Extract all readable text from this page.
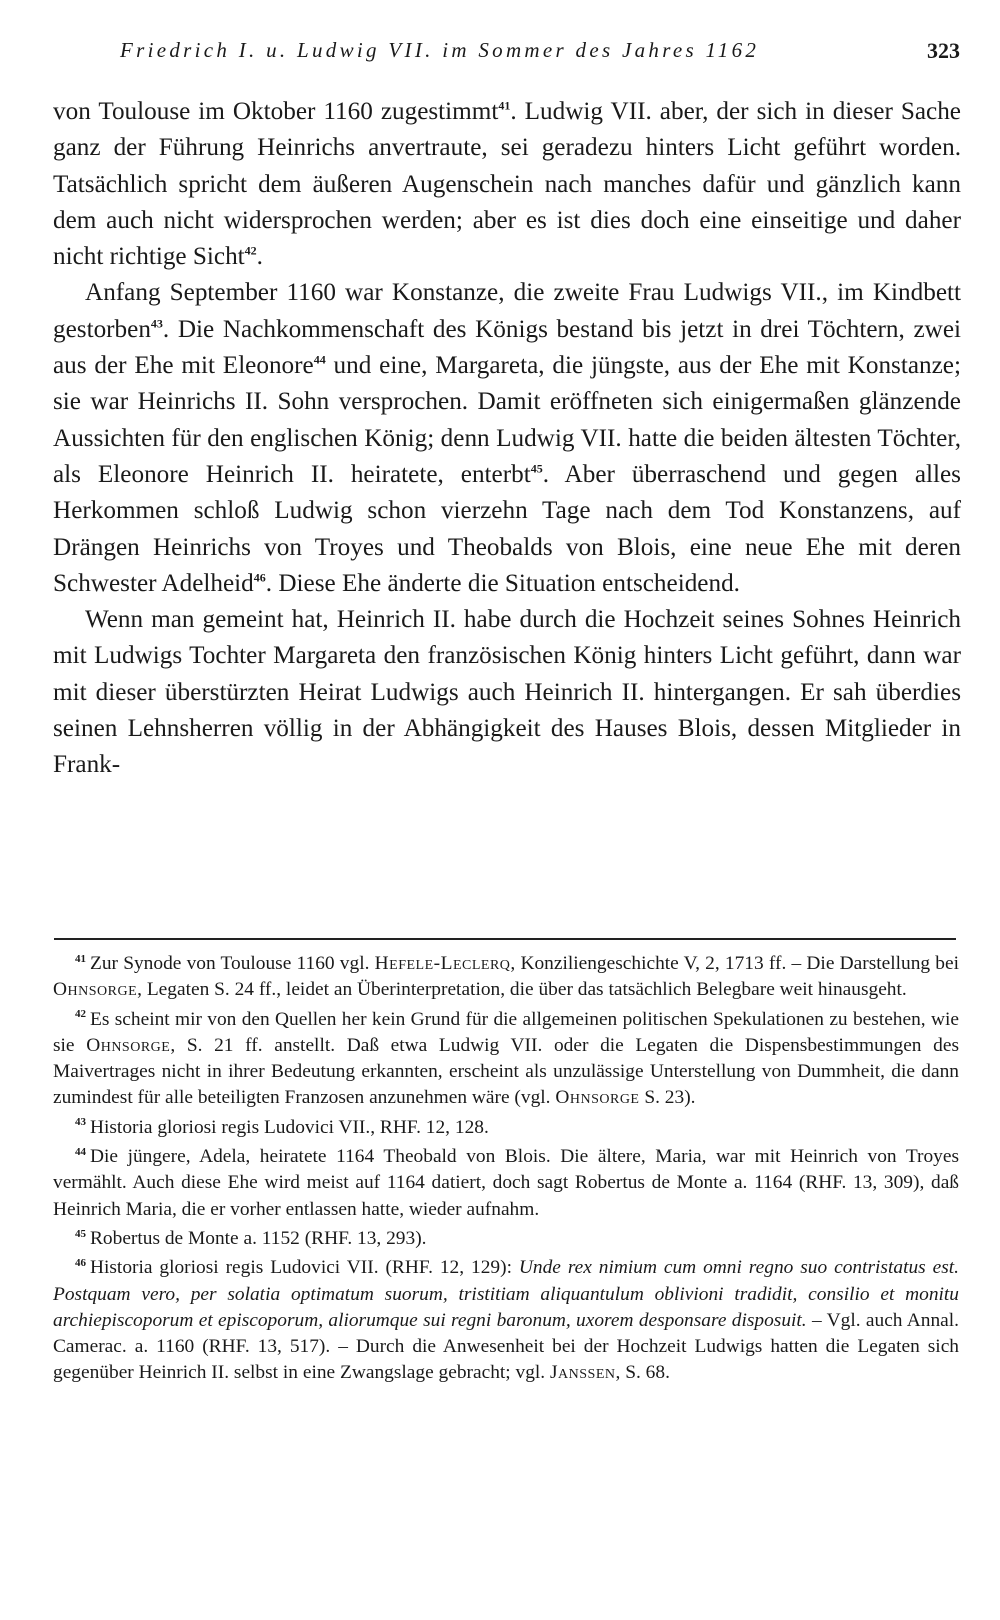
Friedrich I. u. Ludwig VII. im Sommer des Jahres 1162	323

von Toulouse im Oktober 1160 zugestimmt$^{41}$. Ludwig VII. aber, der sich in dieser Sache ganz der Führung Heinrichs anvertraute, sei geradezu hinters Licht geführt worden. Tatsächlich spricht dem äußeren Augenschein nach manches dafür und gänzlich kann dem auch nicht widersprochen werden; aber es ist dies doch eine einseitige und daher nicht richtige Sicht$^{42}$.

Anfang September 1160 war Konstanze, die zweite Frau Ludwigs VII., im Kindbett gestorben$^{43}$. Die Nachkommenschaft des Königs bestand bis jetzt in drei Töchtern, zwei aus der Ehe mit Eleonore$^{44}$ und eine, Margareta, die jüngste, aus der Ehe mit Konstanze; sie war Heinrichs II. Sohn versprochen. Damit eröffneten sich einigermaßen glänzende Aussichten für den englischen König; denn Ludwig VII. hatte die beiden ältesten Töchter, als Eleonore Heinrich II. heiratete, enterbt$^{45}$. Aber überraschend und gegen alles Herkommen schloß Ludwig schon vierzehn Tage nach dem Tod Konstanzens, auf Drängen Heinrichs von Troyes und Theobalds von Blois, eine neue Ehe mit deren Schwester Adelheid$^{46}$. Diese Ehe änderte die Situation entscheidend.

Wenn man gemeint hat, Heinrich II. habe durch die Hochzeit seines Sohnes Heinrich mit Ludwigs Tochter Margareta den französischen König hinters Licht geführt, dann war mit dieser überstürzten Heirat Ludwigs auch Heinrich II. hintergangen. Er sah überdies seinen Lehnsherren völlig in der Abhängigkeit des Hauses Blois, dessen Mitglieder in Frank-

$^{41}$ Zur Synode von Toulouse 1160 vgl. Hefele-Leclerq, Konziliengeschichte V, 2, 1713 ff. – Die Darstellung bei Ohnsorge, Legaten S. 24 ff., leidet an Überinterpretation, die über das tatsächlich Belegbare weit hinausgeht.

$^{42}$ Es scheint mir von den Quellen her kein Grund für die allgemeinen politischen Spekulationen zu bestehen, wie sie Ohnsorge, S. 21 ff. anstellt. Daß etwa Ludwig VII. oder die Legaten die Dispensbestimmungen des Maivertrages nicht in ihrer Bedeutung erkannten, erscheint als unzulässige Unterstellung von Dummheit, die dann zumindest für alle beteiligten Franzosen anzunehmen wäre (vgl. Ohnsorge S. 23).

$^{43}$ Historia gloriosi regis Ludovici VII., RHF. 12, 128.

$^{44}$ Die jüngere, Adela, heiratete 1164 Theobald von Blois. Die ältere, Maria, war mit Heinrich von Troyes vermählt. Auch diese Ehe wird meist auf 1164 datiert, doch sagt Robertus de Monte a. 1164 (RHF. 13, 309), daß Heinrich Maria, die er vorher entlassen hatte, wieder aufnahm.

$^{45}$ Robertus de Monte a. 1152 (RHF. 13, 293).

$^{46}$ Historia gloriosi regis Ludovici VII. (RHF. 12, 129): Unde rex nimium cum omni regno suo contristatus est. Postquam vero, per solatia optimatum suorum, tristitiam aliquantulum oblivioni tradidit, consilio et monitu archiepiscoporum et episcoporum, aliorumque sui regni baronum, uxorem desponsare disposuit. – Vgl. auch Annal. Camerac. a. 1160 (RHF. 13, 517). – Durch die Anwesenheit bei der Hochzeit Ludwigs hatten die Legaten sich gegenüber Heinrich II. selbst in eine Zwangslage gebracht; vgl. Janssen, S. 68.
